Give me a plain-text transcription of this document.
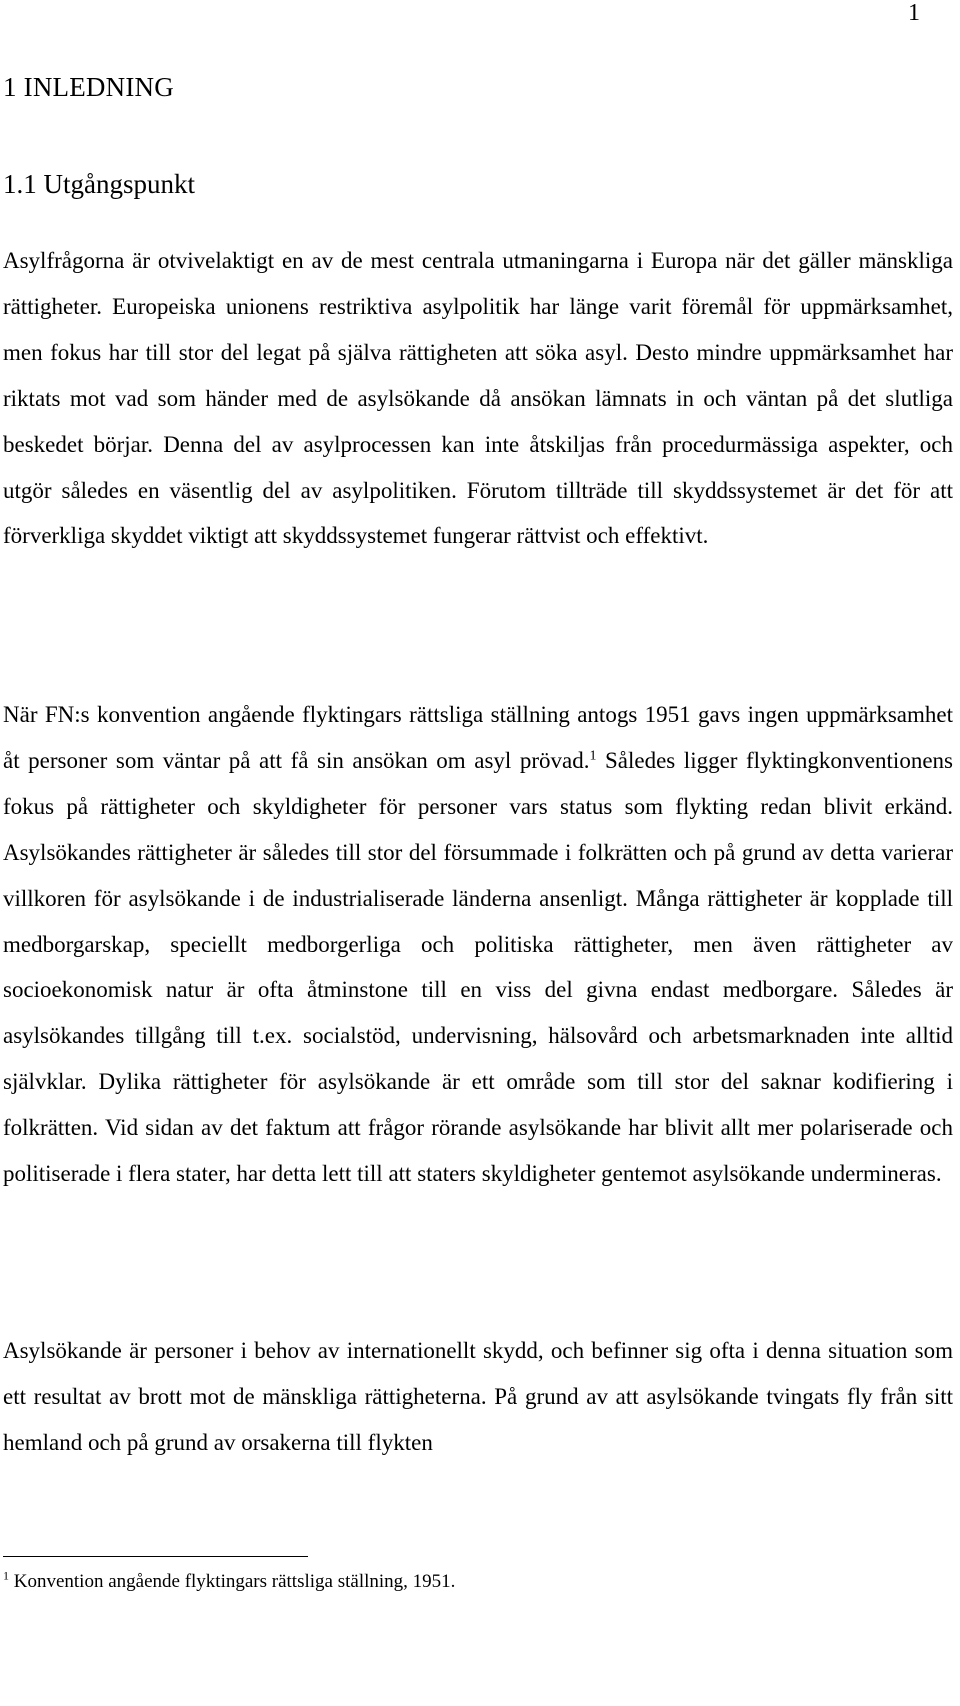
1
1 INLEDNING
1.1 Utgångspunkt

Asylfrågorna är otvivelaktigt en av de mest centrala utmaningarna i Europa när det gäller mänskliga rättigheter. Europeiska unionens restriktiva asylpolitik har länge varit föremål för uppmärksamhet, men fokus har till stor del legat på själva rättigheten att söka asyl. Desto mindre uppmärksamhet har riktats mot vad som händer med de asylsökande då ansökan lämnats in och väntan på det slutliga beskedet börjar. Denna del av asylprocessen kan inte åtskiljas från procedurmässiga aspekter, och utgör således en väsentlig del av asylpolitiken. Förutom tillträde till skyddssystemet är det för att förverkliga skyddet viktigt att skyddssystemet fungerar rättvist och effektivt.

När FN:s konvention angående flyktingars rättsliga ställning antogs 1951 gavs ingen uppmärksamhet åt personer som väntar på att få sin ansökan om asyl prövad.$^1$ Således ligger flyktingkonventionens fokus på rättigheter och skyldigheter för personer vars status som flykting redan blivit erkänd. Asylsökandes rättigheter är således till stor del försummade i folkrätten och på grund av detta varierar villkoren för asylsökande i de industrialiserade länderna ansenligt. Många rättigheter är kopplade till medborgarskap, speciellt medborgerliga och politiska rättigheter, men även rättigheter av socioekonomisk natur är ofta åtminstone till en viss del givna endast medborgare. Således är asylsökandes tillgång till t.ex. socialstöd, undervisning, hälsovård och arbetsmarknaden inte alltid självklar. Dylika rättigheter för asylsökande är ett område som till stor del saknar kodifiering i folkrätten. Vid sidan av det faktum att frågor rörande asylsökande har blivit allt mer polariserade och politiserade i flera stater, har detta lett till att staters skyldigheter gentemot asylsökande undermineras.

Asylsökande är personer i behov av internationellt skydd, och befinner sig ofta i denna situation som ett resultat av brott mot de mänskliga rättigheterna. På grund av att asylsökande tvingats fly från sitt hemland och på grund av orsakerna till flykten

$^1$ Konvention angående flyktingars rättsliga ställning, 1951.
